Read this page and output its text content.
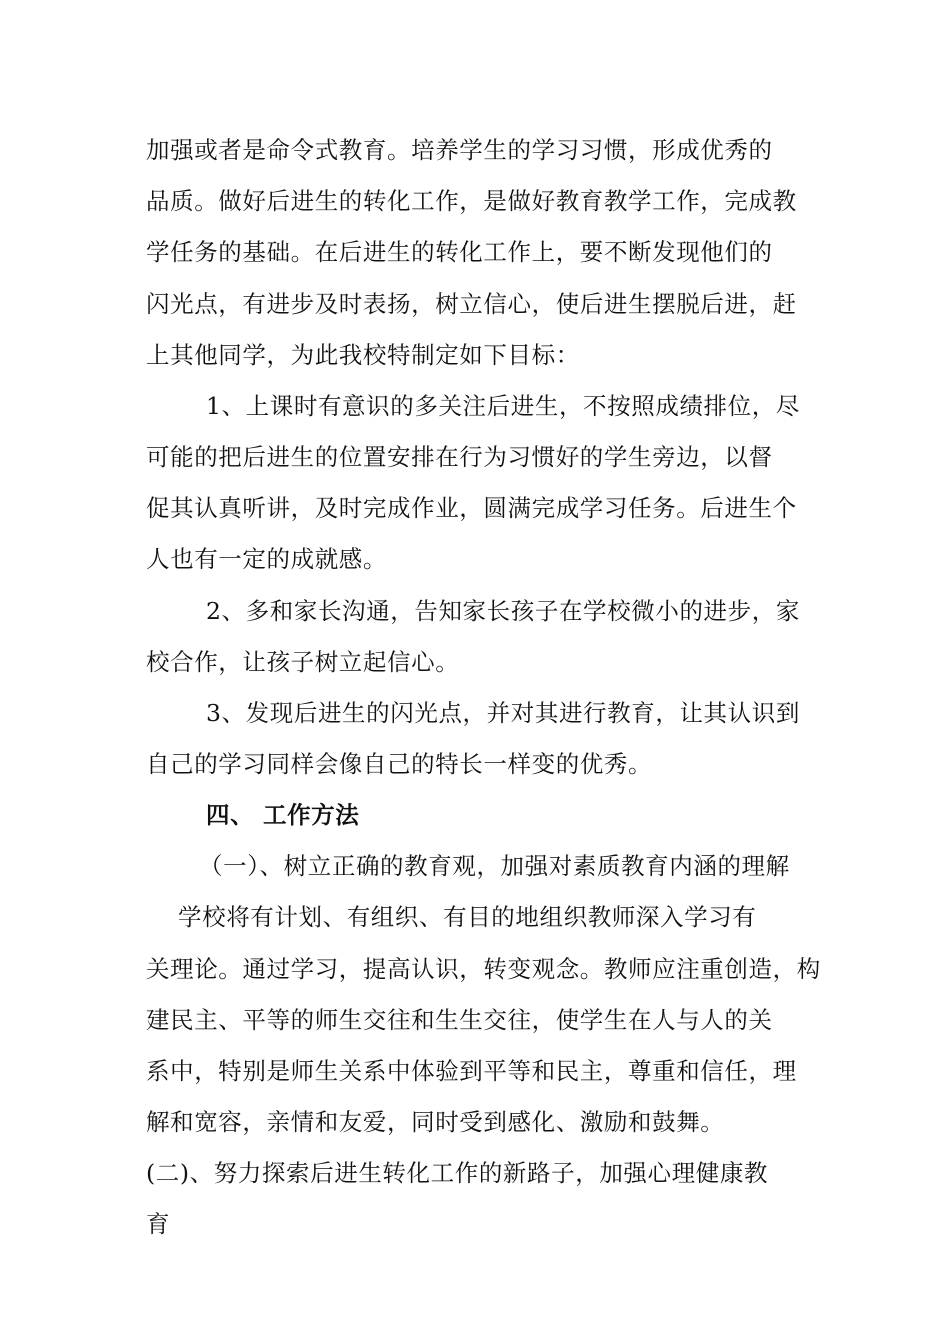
加强或者是命令式教育。培养学生的学习习惯，形成优秀的
品质。做好后进生的转化工作，是做好教育教学工作，完成教
学任务的基础。在后进生的转化工作上，要不断发现他们的
闪光点，有进步及时表扬，树立信心，使后进生摆脱后进，赶
上其他同学，为此我校特制定如下目标：
1、上课时有意识的多关注后进生，不按照成绩排位，尽
可能的把后进生的位置安排在行为习惯好的学生旁边，以督
促其认真听讲，及时完成作业，圆满完成学习任务。后进生个
人也有一定的成就感。
2、多和家长沟通，告知家长孩子在学校微小的进步，家
校合作，让孩子树立起信心。
3、发现后进生的闪光点，并对其进行教育，让其认识到
自己的学习同样会像自己的特长一样变的优秀。
四、 工作方法
（一）、树立正确的教育观，加强对素质教育内涵的理解
学校将有计划、有组织、有目的地组织教师深入学习有
关理论。通过学习，提高认识，转变观念。教师应注重创造，构
建民主、平等的师生交往和生生交往，使学生在人与人的关
系中，特别是师生关系中体验到平等和民主，尊重和信任，理
解和宽容，亲情和友爱，同时受到感化、激励和鼓舞。
(二)、努力探索后进生转化工作的新路子，加强心理健康教
育
